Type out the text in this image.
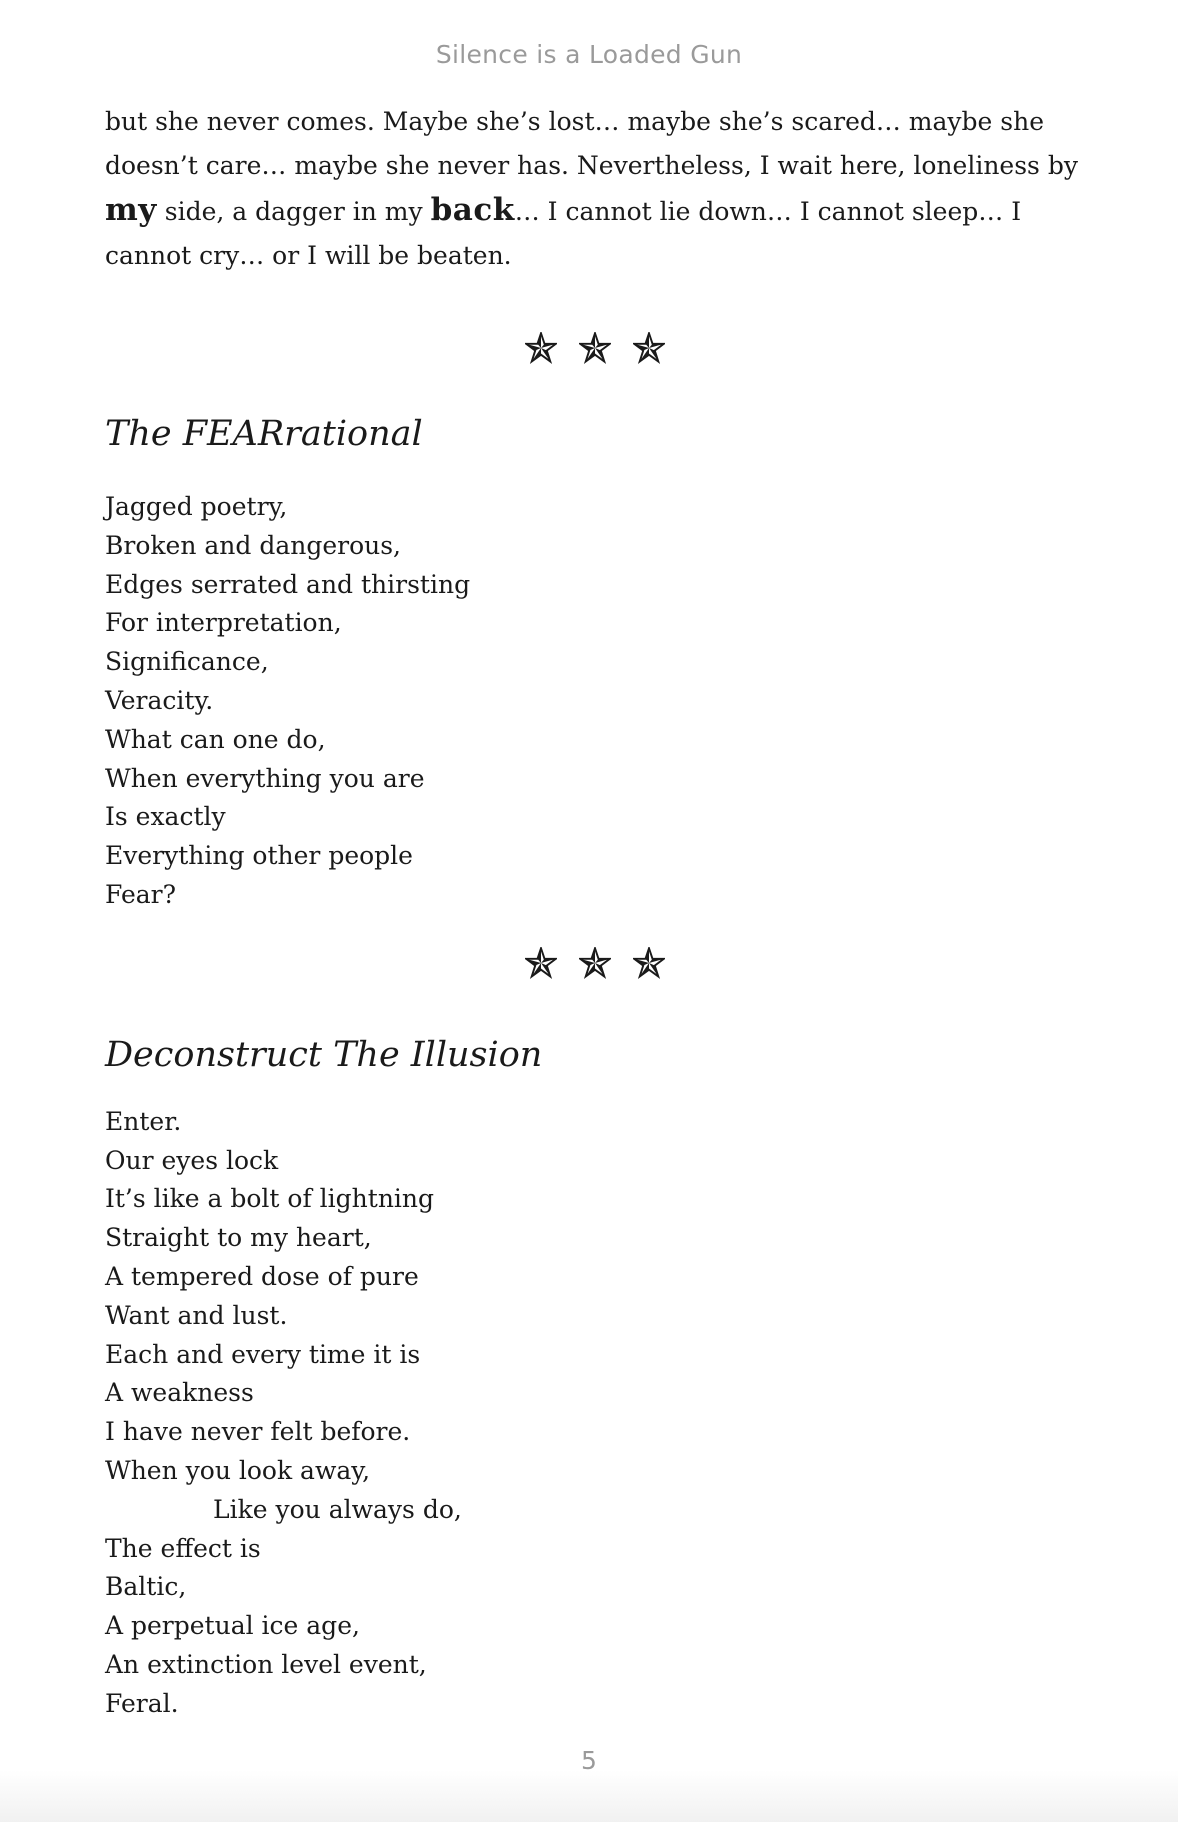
Silence is a Loaded Gun

but she never comes. Maybe she’s lost… maybe she’s scared… maybe she doesn’t care… maybe she never has. Nevertheless, I wait here, loneliness by my side, a dagger in my back… I cannot lie down… I cannot sleep… I cannot cry… or I will be beaten.

The FEARrational
Jagged poetry,
Broken and dangerous,
Edges serrated and thirsting
For interpretation,
Significance,
Veracity.
What can one do,
When everything you are
Is exactly
Everything other people
Fear?
Deconstruct The Illusion
Enter.
Our eyes lock
It’s like a bolt of lightning
Straight to my heart,
A tempered dose of pure
Want and lust.
Each and every time it is
A weakness
I have never felt before.
When you look away,
Like you always do,
The effect is
Baltic,
A perpetual ice age,
An extinction level event,
Feral.
5
